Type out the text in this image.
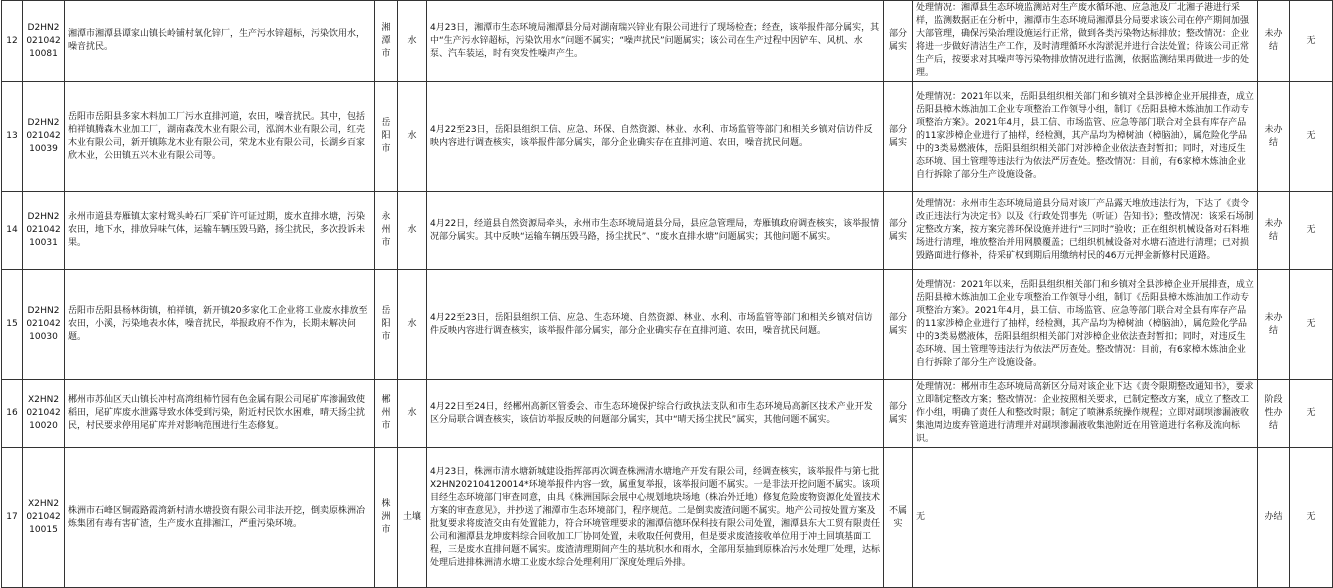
12	D2HN202104210081	湘潭市湘潭县谭家山镇长岭铺村氧化锌厂，生产污水锌超标，污染饮用水，噪音扰民。	湘潭市	水	4月23日，湘潭市生态环境局湘潭县分局对湖南瑞兴锌业有限公司进行了现场检查；经查，该举报件部分属实，其中“生产污水锌超标，污染饮用水”问题不属实；“噪声扰民”问题属实；该公司在生产过程中因铲车、风机、水泵、汽车装运，时有突发性噪声产生。	部分属实	处理情况：湘潭县生态环境监测站对生产废水循环池、应急池及厂北湘子港进行采样，监测数据正在分析中，湘潭市生态环境局湘潭县分局要求该公司在停产期间加强大部管理，确保污染治理设施运行正常，做到各类污染物达标排放；整改情况：企业将进一步做好清洁生产工作，及时清理循环水沟淤泥并进行合法处置；待该公司正常生产后，按要求对其噪声等污染物排放情况进行监测，依据监测结果再做进一步的处理。	未办结	无
13	D2HN202104210039	岳阳市岳阳县多家木料加工厂污水直排河道，农田，噪音扰民。其中，包括柏祥镇腾森木业加工厂，湖南森茂木业有限公司，泓润木业有限公司，红壳木业有限公司，新开镇陈龙木业有限公司，荣龙木业有限公司，长湖乡百家欣木业，公田镇五兴木业有限公司等。	岳阳市	水	4月22至23日，岳阳县组织工信、应急、环保、自然资源、林业、水利、市场监管等部门和相关乡镇对信访件反映内容进行调查核实，该举报件部分属实，部分企业确实存在直排河道、农田，噪音扰民问题。	部分属实	处理情况：2021年以来，岳阳县组织相关部门和乡镇对全县涉樟企业开展排查，成立岳阳县樟木炼油加工企业专项整治工作领导小组，制订《岳阳县樟木炼油加工作动专项整治方案》。2021年4月，县工信、市场监管、应急等部门联合对全县有库存产品的11家涉樟企业进行了抽样，经检测，其产品均为樟树油（樟脑油），属危险化学品中的3类易燃液体，岳阳县组织相关部门对涉樟企业依法查封暂扣；同时，对违反生态环境、国土管理等违法行为依法严厉查处。整改情况：目前，有6家樟木炼油企业自行拆除了部分生产设施设备。	未办结	无
14	D2HN202104210031	永州市道县寿雁镇太家村鸳头岭石厂采矿许可证过期，废水直排水塘，污染农田，地下水，排放异味气体，运输车辆压毁马路，扬尘扰民，多次投诉未果。	永州市	水	4月22日，经道县自然资源局牵头，永州市生态环境局道县分局，县应急管理局，寿雁镇政府调查核实，该举报情况部分属实。其中反映“运输车辆压毁马路，扬尘扰民”、“废水直排水塘”问题属实；其他问题不属实。	部分属实	处理情况：永州市生态环境局道县分局对该厂产品露天堆放违法行为，下达了《责令改正违法行为决定书》以及《行政处罚事先（听证）告知书》；整改情况：该采石场制定整改方案，按方案完善环保设施并进行“三同时”验收；正在组织机械设备对石料堆场进行清理，堆放整治并用网膜覆盖；已组织机械设备对水塘石渣进行清理；已对损毁路面进行修补，待采矿权到期后用缴纳村民的46万元押金新修村民道路。	未办结	无
15	D2HN202104210030	岳阳市岳阳县杨林街镇，柏祥镇，新开镇20多家化工企业将工业废水排放至农田，小溪，污染地表水体，噪音扰民，举报政府不作为，长期未解决问题。	岳阳市	水	4月22至23日，岳阳县组织工信、应急、生态环境、自然资源、林业、水利、市场监管等部门和相关乡镇对信访件反映内容进行调查核实，该举报件部分属实，部分企业确实存在直排河道、农田，噪音扰民问题。	部分属实	处理情况：2021年以来，岳阳县组织相关部门和乡镇对全县涉樟企业开展排查，成立岳阳县樟木炼油加工企业专项整治工作领导小组，制订《岳阳县樟木炼油加工作动专项整治方案》。2021年4月，县工信、市场监管、应急等部门联合对全县有库存产品的11家涉樟企业进行了抽样，经检测，其产品均为樟树油（樟脑油），属危险化学品中的3类易燃液体，岳阳县组织相关部门对涉樟企业依法查封暂扣；同时，对违反生态环境、国土管理等违法行为依法严厉查处。整改情况：目前，有6家樟木炼油企业自行拆除了部分生产设施设备。	未办结	无
16	X2HN202104210020	郴州市苏仙区天山镇长冲村高湾组柿竹园有色金属有限公司尾矿库渗漏致使稻田，尾矿库废水泄露导致水体受到污染，附近村民饮水困难，晴天扬尘扰民，村民要求停用尾矿库并对影响范围进行生态修复。	郴州市	水	4月22日至24日，经郴州高新区管委会、市生态环境保护综合行政执法支队和市生态环境局高新区技术产业开发区分局联合调查核实，该信访举报反映的问题部分属实，其中“晴天扬尘扰民”属实，其他问题不属实。	部分属实	处理情况：郴州市生态环境局高新区分局对该企业下达《责令限期整改通知书》，要求立即制定整改方案；整改情况：企业按照相关要求，已制定整改方案，成立了整改工作小组，明确了责任人和整改时限；制定了喷淋系统操作规程；立即对副坝渗漏液收集池周边废弃管道进行清理并对副坝渗漏液收集池附近在用管道进行名称及流向标识。	阶段性办结	无
17	X2HN202104210015	株洲市石峰区铜霞路霞湾新村清水塘投资有限公司非法开挖，倒卖原株洲冶炼集团有毒有害矿渣，生产废水直排湘江，严重污染环境。	株洲市	土壤	4月23日，株洲市清水塘新城建设指挥部再次调查株洲清水塘地产开发有限公司，经调查核实，该举报件与第七批X2HN202104120014*环境举报件内容一致，属重复举报，该举报问题不属实。一是非法开挖问题不属实。该项目经生态环境部门审查同意，由具《株洲国际会展中心规划地块场地（株冶外迁地）修复危险废物资源化处置技术方案的审查意见》，并抄送了湘潭市生态环境部门，程序规范。二是倒卖废渣问题不属实。地产公司按处置方案及批复要求将废渣交由有处置能力，符合环境管理要求的湘潭信德环保科技有限公司处置，湘潭县东大工贸有限责任公司和湘潭县龙坤废料综合回收加工厂协同处置，未收取任何费用，但是要求废渣接收单位用于冲土回填基面工程，三是废水直排问题不属实。废渣清理期间产生的基坑积水和雨水，全部用泵抽到原株冶污水处理厂处理，达标处理后进排株洲清水塘工业废水综合处理利用厂深度处理后外排。	不属实	无	办结	无
